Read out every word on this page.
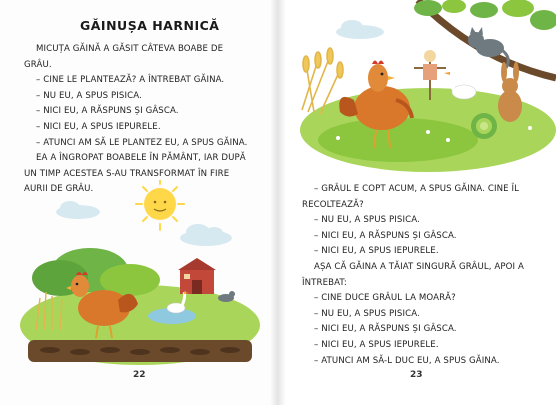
GĂINUȘA HARNICĂ

MICUȚA GĂINĂ A GĂSIT CÂTEVA BOABE DE

GRÂU.

– CINE LE PLANTEAZĂ? A ÎNTREBAT GĂINA.

– NU EU, A SPUS PISICA.

– NICI EU, A RĂSPUNS ȘI GÂSCA.

– NICI EU, A SPUS IEPURELE.

– ATUNCI AM SĂ LE PLANTEZ EU, A SPUS GĂINA.

EA A ÎNGROPAT BOABELE ÎN PĂMÂNT, IAR DUPĂ

UN TIMP ACESTEA S-AU TRANSFORMAT ÎN FIRE

AURII DE GRÂU.

22

– GRÂUL E COPT ACUM, A SPUS GĂINA. CINE ÎL

RECOLTEAZĂ?

– NU EU, A SPUS PISICA.

– NICI EU, A RĂSPUNS ȘI GÂSCA.

– NICI EU, A SPUS IEPURELE.

AȘA CĂ GĂINA A TĂIAT SINGURĂ GRÂUL, APOI A

ÎNTREBAT:

– CINE DUCE GRÂUL LA MOARĂ?

– NU EU, A SPUS PISICA.

– NICI EU, A RĂSPUNS ȘI GÂSCA.

– NICI EU, A SPUS IEPURELE.

– ATUNCI AM SĂ-L DUC EU, A SPUS GĂINA.

23
